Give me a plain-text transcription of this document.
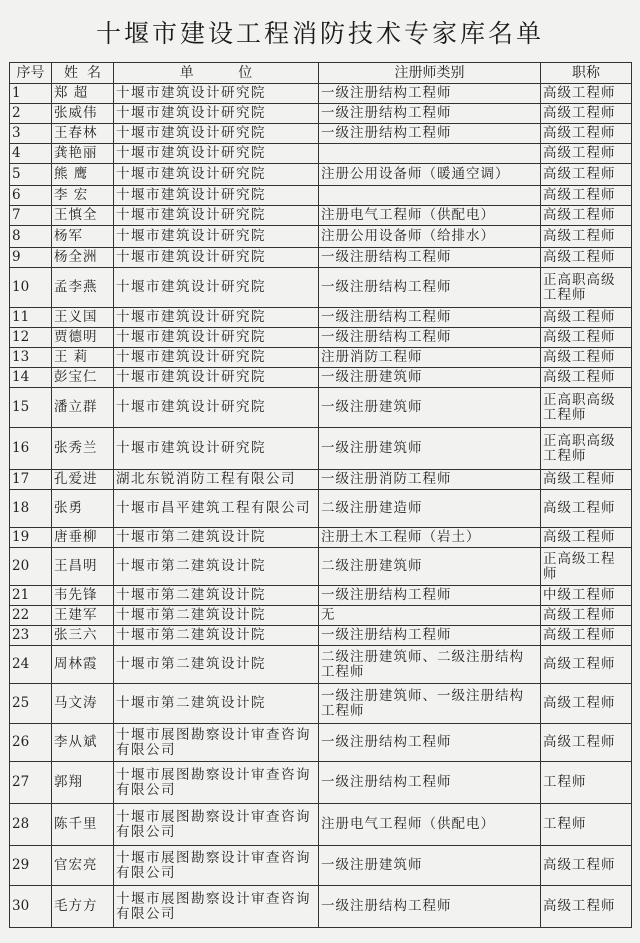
十堰市建设工程消防技术专家库名单
序号	姓  名	单          位	注册师类别	职称
1	郑 超	十堰市建筑设计研究院	一级注册结构工程师	高级工程师
2	张威伟	十堰市建筑设计研究院	一级注册结构工程师	高级工程师
3	王春林	十堰市建筑设计研究院	一级注册结构工程师	高级工程师
4	龚艳丽	十堰市建筑设计研究院		高级工程师
5	熊 鹰	十堰市建筑设计研究院	注册公用设备师（暖通空调）	高级工程师
6	李 宏	十堰市建筑设计研究院		高级工程师
7	王慎全	十堰市建筑设计研究院	注册电气工程师（供配电）	高级工程师
8	杨军	十堰市建筑设计研究院	注册公用设备师（给排水）	高级工程师
9	杨全洲	十堰市建筑设计研究院	一级注册结构工程师	高级工程师
10	孟李燕	十堰市建筑设计研究院	一级注册结构工程师	正高职高级工程师
11	王义国	十堰市建筑设计研究院	一级注册结构工程师	高级工程师
12	贾德明	十堰市建筑设计研究院	一级注册结构工程师	高级工程师
13	王 莉	十堰市建筑设计研究院	注册消防工程师	高级工程师
14	彭宝仁	十堰市建筑设计研究院	一级注册建筑师	高级工程师
15	潘立群	十堰市建筑设计研究院	一级注册建筑师	正高职高级工程师
16	张秀兰	十堰市建筑设计研究院	一级注册建筑师	正高职高级工程师
17	孔爱进	湖北东锐消防工程有限公司	一级注册消防工程师	高级工程师
18	张勇	十堰市昌平建筑工程有限公司	二级注册建造师	高级工程师
19	唐垂柳	十堰市第二建筑设计院	注册土木工程师（岩土）	高级工程师
20	王昌明	十堰市第二建筑设计院	二级注册建筑师	正高级工程师
21	韦先锋	十堰市第二建筑设计院	一级注册结构工程师	中级工程师
22	王建军	十堰市第二建筑设计院	无	高级工程师
23	张三六	十堰市第二建筑设计院	一级注册结构工程师	高级工程师
24	周林霞	十堰市第二建筑设计院	二级注册建筑师、二级注册结构工程师	高级工程师
25	马文涛	十堰市第二建筑设计院	一级注册建筑师、一级注册结构工程师	高级工程师
26	李从斌	十堰市展图勘察设计审查咨询有限公司	一级注册结构工程师	高级工程师
27	郭翔	十堰市展图勘察设计审查咨询有限公司	一级注册结构工程师	工程师
28	陈千里	十堰市展图勘察设计审查咨询有限公司	注册电气工程师（供配电）	工程师
29	官宏亮	十堰市展图勘察设计审查咨询有限公司	一级注册建筑师	高级工程师
30	毛方方	十堰市展图勘察设计审查咨询有限公司	一级注册结构工程师	高级工程师
